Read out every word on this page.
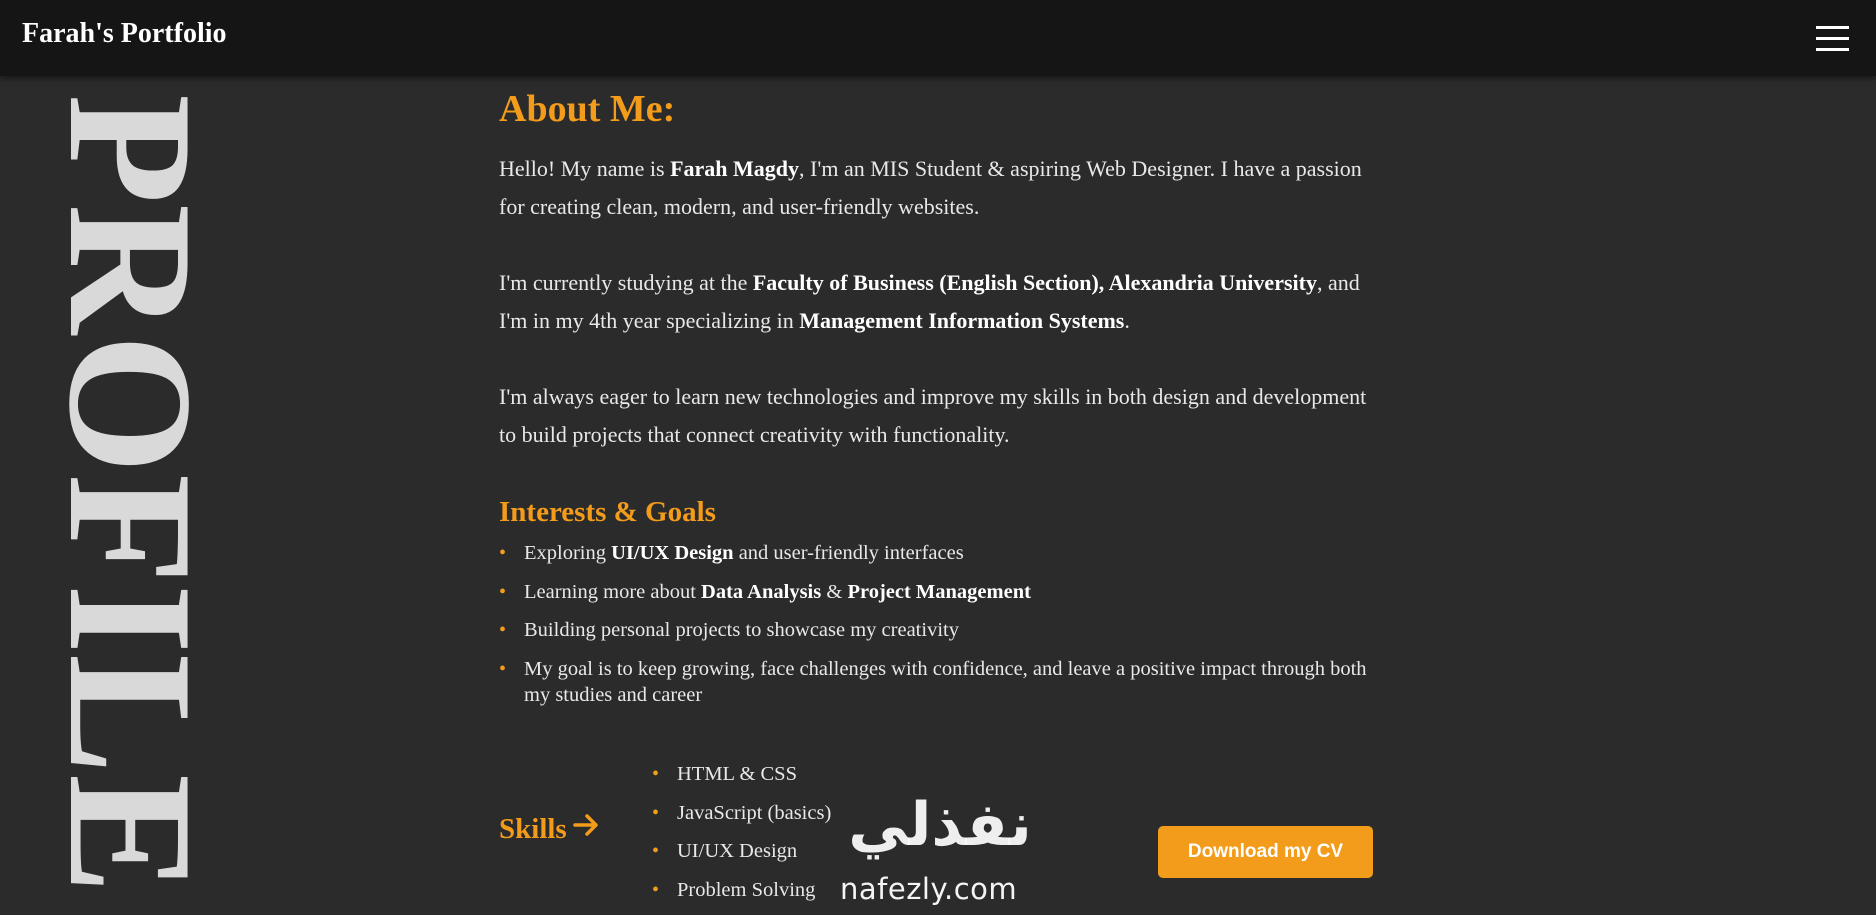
Farah's Portfolio
PROFILE	About Me:

Hello! My name is Farah Magdy, I'm an MIS Student & aspiring Web Designer. I have a passion for creating clean, modern, and user-friendly websites.

I'm currently studying at the Faculty of Business (English Section), Alexandria University, and I'm in my 4th year specializing in Management Information Systems.

I'm always eager to learn new technologies and improve my skills in both design and development to build projects that connect creativity with functionality.

Interests & Goals
• Exploring UI/UX Design and user-friendly interfaces
• Learning more about Data Analysis & Project Management
• Building personal projects to showcase my creativity
• My goal is to keep growing, face challenges with confidence, and leave a positive impact through both my studies and career
Skills
• HTML & CSS
• JavaScript (basics)
• UI/UX Design
• Problem Solving
نفذلي
nafezly.com
Download my CV
